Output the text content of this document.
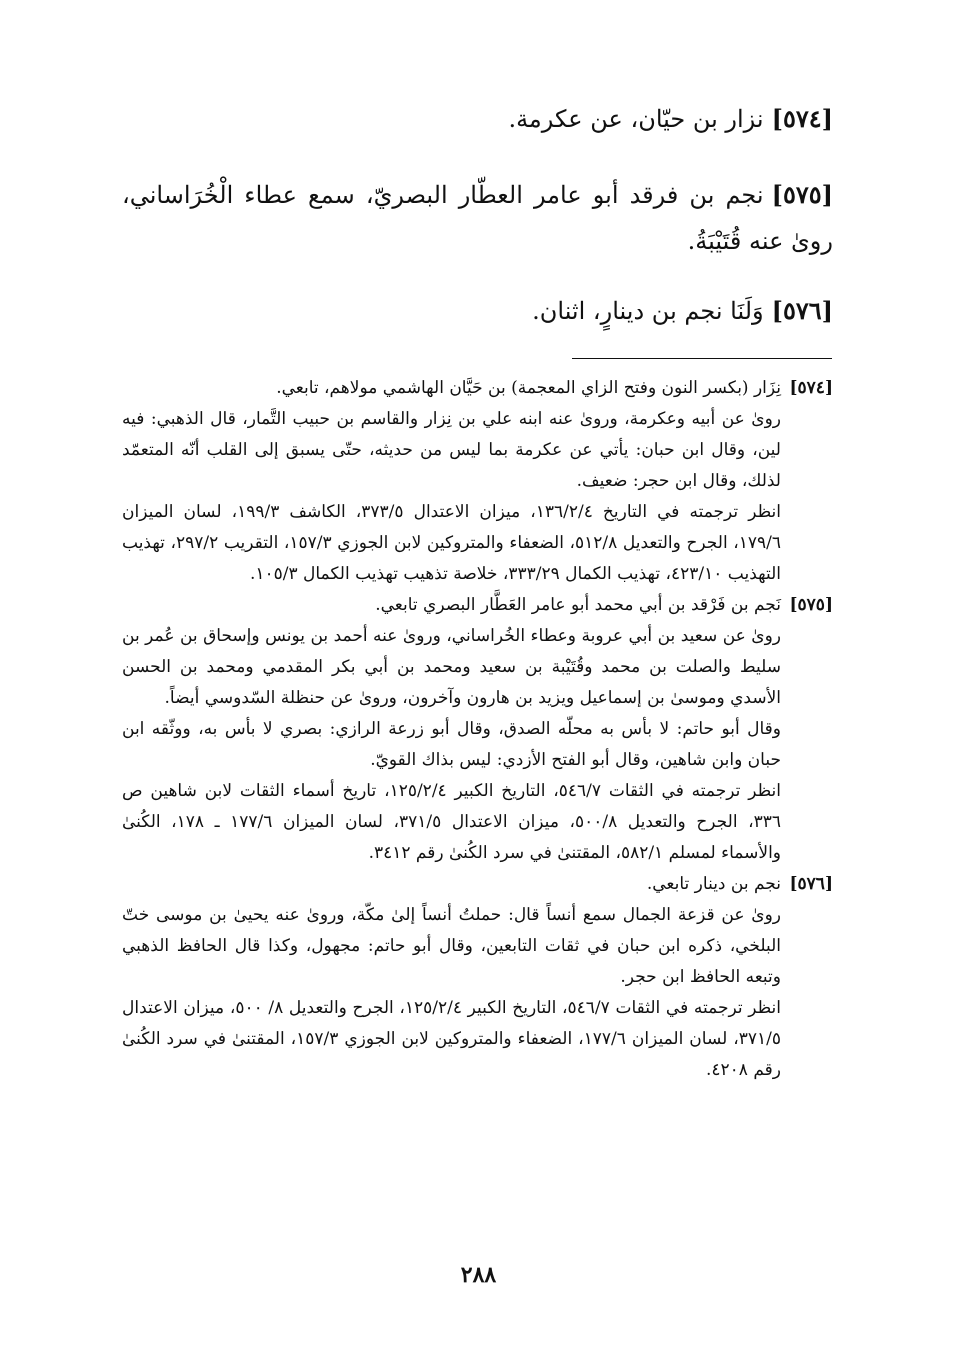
[٥٧٤]نزار بن حيّان، عن عكرمة.
[٥٧٥]نجم بن فرقد أبو عامر العطّار البصريّ، سمع عطاء الْخُرَاساني، روىٰ عنه قُتَيْبَةُ.
[٥٧٦]وَلَنَا نجم بن دينارٍ، اثنان.
[٥٧٤]

نِزَار (بكسر النون وفتح الزاي المعجمة) بن حَيَّان الهاشمي مولاهم، تابعي.

روىٰ عن أبيه وعكرمة، وروىٰ عنه ابنه علي بن نِزار والقاسم بن حبيب التَّمار، قال الذهبي: فيه لين، وقال ابن حبان: يأتي عن عكرمة بما ليس من حديثه، حتّى يسبق إلى القلب أنّه المتعمّد لذلك، وقال ابن حجر: ضعيف.

انظر ترجمته في التاريخ ١٣٦/٢/٤، ميزان الاعتدال ٣٧٣/٥، الكاشف ١٩٩/٣، لسان الميزان ١٧٩/٦، الجرح والتعديل ٥١٢/٨، الضعفاء والمتروكين لابن الجوزي ١٥٧/٣، التقريب ٢٩٧/٢، تهذيب التهذيب ٤٢٣/١٠، تهذيب الكمال ٣٣٣/٢٩، خلاصة تذهيب تهذيب الكمال ١٠٥/٣.

[٥٧٥]

نَجم بن فَرْقد بن أبي محمد أبو عامر العَطَّار البصري تابعي.

روىٰ عن سعيد بن أبي عروبة وعطاء الخُراساني، وروىٰ عنه أحمد بن يونس وإسحاق بن عُمر بن سليط والصلت بن محمد وقُتَيْبة بن سعيد ومحمد بن أبي بكر المقدمي ومحمد بن الحسن الأسدي وموسىٰ بن إسماعيل ويزيد بن هارون وآخرون، وروىٰ عن حنظلة السّدوسي أيضاً.

وقال أبو حاتم: لا بأس به محلّه الصدق، وقال أبو زرعة الرازي: بصري لا بأس به، ووثّقه ابن حبان وابن شاهين، وقال أبو الفتح الأزدي: ليس بذاك القويّ.

انظر ترجمته في الثقات ٥٤٦/٧، التاريخ الكبير ١٢٥/٢/٤، تاريخ أسماء الثقات لابن شاهين ص ٣٣٦، الجرح والتعديل ٥٠٠/٨، ميزان الاعتدال ٣٧١/٥، لسان الميزان ١٧٧/٦ ـ ١٧٨، الكُنىٰ والأسماء لمسلم ٥٨٢/١، المقتنىٰ في سرد الكُنىٰ رقم ٣٤١٢.

[٥٧٦]

نجم بن دينار تابعي.

روىٰ عن قزعة الجمال سمع أنساً قال: حملتُ أنساً إلىٰ مكّة، وروىٰ عنه يحيىٰ بن موسى ختّ البلخي، ذكره ابن حبان في ثقات التابعين، وقال أبو حاتم: مجهول، وكذا قال الحافظ الذهبي وتبعه الحافظ ابن حجر.

انظر ترجمته في الثقات ٥٤٦/٧، التاريخ الكبير ١٢٥/٢/٤، الجرح والتعديل ٨/ ٥٠٠، ميزان الاعتدال ٣٧١/٥، لسان الميزان ١٧٧/٦، الضعفاء والمتروكين لابن الجوزي ١٥٧/٣، المقتنىٰ في سرد الكُنىٰ رقم ٤٢٠٨.

٢٨٨
